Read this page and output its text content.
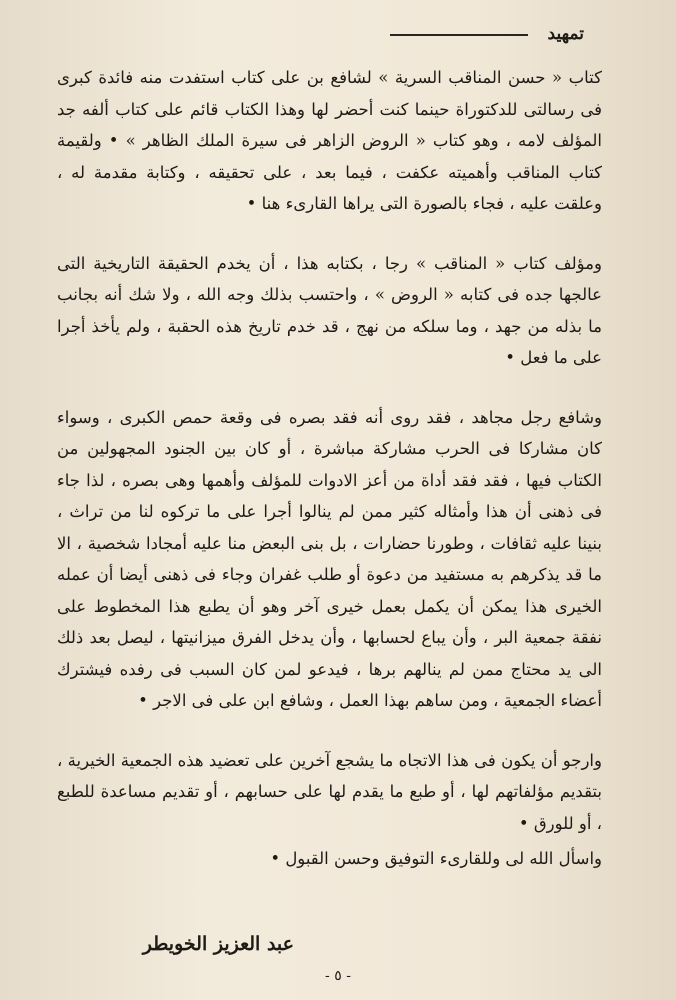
تمهيد

كتاب « حسن المناقب السرية » لشافع بن على كتاب استفدت منه فائدة كبرى فى رسالتى للدكتوراة حينما كنت أحضر لها وهذا الكتاب قائم على كتاب ألفه جد المؤلف لامه ، وهو كتاب « الروض الزاهر فى سيرة الملك الظاهر » • ولقيمة كتاب المناقب وأهميته عكفت ، فيما بعد ، على تحقيقه ، وكتابة مقدمة له ، وعلقت عليه ، فجاء بالصورة التى يراها القارىء هنا •

ومؤلف كتاب « المناقب » رجا ، بكتابه هذا ، أن يخدم الحقيقة التاريخية التى عالجها جده فى كتابه « الروض » ، واحتسب بذلك وجه الله ، ولا شك أنه بجانب ما بذله من جهد ، وما سلكه من نهج ، قد خدم تاريخ هذه الحقبة ، ولم يأخذ أجرا على ما فعل •

وشافع رجل مجاهد ، فقد روى أنه فقد بصره فى وقعة حمص الكبرى ، وسواء كان مشاركا فى الحرب مشاركة مباشرة ، أو كان بين الجنود المجهولين من الكتاب فيها ، فقد فقد أداة من أعز الادوات للمؤلف وأهمها وهى بصره ، لذا جاء فى ذهنى أن هذا وأمثاله كثير ممن لم ينالوا أجرا على ما تركوه لنا من تراث ، بنينا عليه ثقافات ، وطورنا حضارات ، بل بنى البعض منا عليه أمجادا شخصية ، الا ما قد يذكرهم به مستفيد من دعوة أو طلب غفران وجاء فى ذهنى أيضا أن عمله الخيرى هذا يمكن أن يكمل بعمل خيرى آخر وهو أن يطبع هذا المخطوط على نفقة جمعية البر ، وأن يباع لحسابها ، وأن يدخل الفرق ميزانيتها ، ليصل بعد ذلك الى يد محتاج ممن لم ينالهم برها ، فيدعو لمن كان السبب فى رفده فيشترك أعضاء الجمعية ، ومن ساهم بهذا العمل ، وشافع ابن على فى الاجر •

وارجو أن يكون فى هذا الاتجاه ما يشجع آخرين على تعضيد هذه الجمعية الخيرية ، بتقديم مؤلفاتهم لها ، أو طبع ما يقدم لها على حسابهم ، أو تقديم مساعدة للطبع ، أو للورق •

واسأل الله لى وللقارىء التوفيق وحسن القبول •

عبد العزيز الخويطر
- ٥ -
